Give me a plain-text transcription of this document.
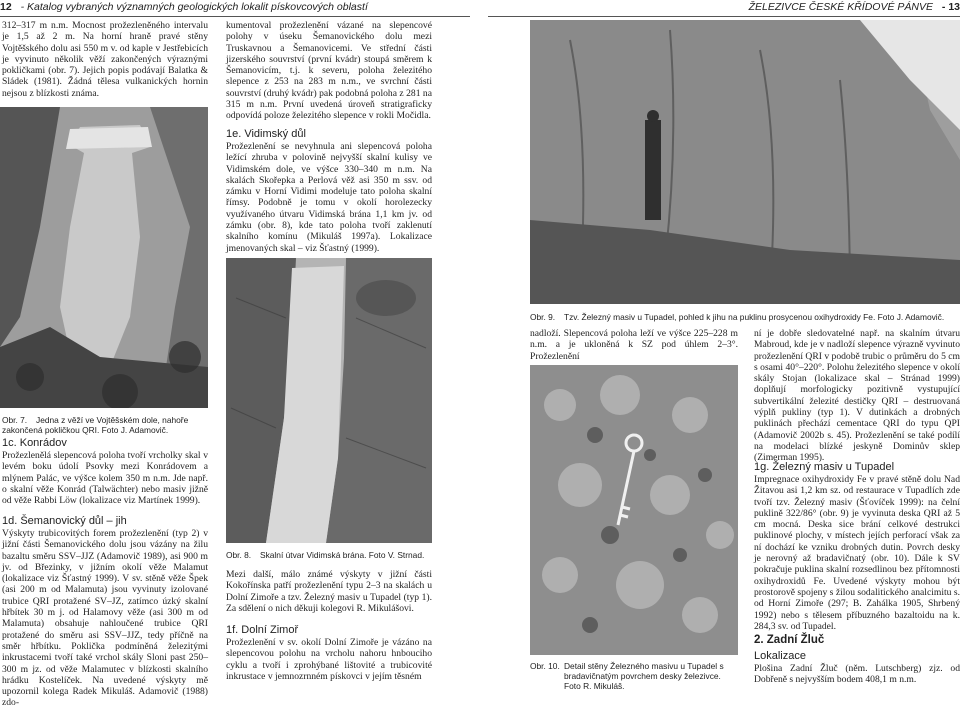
12 - Katalog vybraných významných geologických lokalit pískovcových oblastí	ŽELEZIVCE ČESKÉ KŘÍDOVÉ PÁNVE - 13

312–317 m n.m. Mocnost prožezleněného intervalu je 1,5 až 2 m. Na horní hraně pravé stěny Vojtěšského dolu asi 550 m v. od kaple v Jestřebicích je vyvinuto několik věží zakončených výraznými pokličkami (obr. 7). Jejich popis podávají Balatka & Sládek (1981). Žádná tělesa vulkanických hornin nejsou z blízkosti známa.

Obr. 7. Jedna z věží ve Vojtěšském dole, nahoře zakončená pokličkou QRI. Foto J. Adamovič.
1c. Konrádov

Prožezlenělá slepencová poloha tvoří vrcholky skal v levém boku údolí Psovky mezi Konrádovem a mlýnem Palác, ve výšce kolem 350 m n.m. Jde např. o skalní věže Konrád (Talwächter) nebo masiv jižně od věže Rabbi Löw (lokalizace viz Martínek 1999).

1d. Šemanovický důl – jih

Výskyty trubicovitých forem prožezlenění (typ 2) v jižní části Šemanovického dolu jsou vázány na žilu bazaltu směru SSV–JJZ (Adamovič 1989), asi 900 m jv. od Březinky, v jižním okolí věže Malamut (lokalizace viz Šťastný 1999). V sv. stěně věže Špek (asi 200 m od Malamuta) jsou vyvinuty izolované trubice QRI protažené SV–JZ, zatímco úzký skalní hřbítek 30 m j. od Halamovy věže (asi 300 m od Malamuta) obsahuje nahloučené trubice QRI protažené do směru asi SSV–JJZ, tedy příčně na směr hřbítku. Poklička podmíněná železitými inkrustacemi tvoří také vrchol skály Sloni past 250–300 m jz. od věže Malamutec v blízkosti skalního hrádku Kostelíček. Na uvedené výskyty mě upozornil kolega Radek Mikuláš. Adamovič (1988) zdo-

kumentoval prožezlenění vázané na slepencové polohy v úseku Šemanovického dolu mezi Truskavnou a Šemanovicemi. Ve střední části jizerského souvrství (první kvádr) stoupá směrem k Šemanovicím, t.j. k severu, poloha železitého slepence z 253 na 283 m n.m., ve svrchní části souvrství (druhý kvádr) pak podobná poloha z 281 na 315 m n.m. První uvedená úroveň stratigraficky odpovídá poloze železitého slepence v rokli Močidla.

1e. Vidimský důl

Prožezlenění se nevyhnula ani slepencová poloha ležící zhruba v polovině nejvyšší skalní kulisy ve Vidimském dole, ve výšce 330–340 m n.m. Na skalách Skořepka a Perlová věž asi 350 m ssv. od zámku v Horní Vidimi modeluje tato poloha skalní římsy. Podobně je tomu v okolí horolezecky využívaného útvaru Vidimská brána 1,1 km jv. od zámku (obr. 8), kde tato poloha tvoří zaklenutí skalního komínu (Mikuláš 1997a). Lokalizace jmenovaných skal – viz Šťastný (1999).

Obr. 8. Skalní útvar Vidimská brána. Foto V. Strnad.

Mezi další, málo známé výskyty v jižní části Kokořínska patří prožezlenění typu 2–3 na skalách u Dolní Zimoře a tzv. Železný masiv u Tupadel (typ 1). Za sdělení o nich děkuji kolegovi R. Mikulášovi.

1f. Dolní Zimoř

Prožezlenění v sv. okolí Dolní Zimoře je vázáno na slepencovou polohu na vrcholu nahoru hnbouciho cyklu a tvoří i zprohýbané lištovité a trubicovité inkrustace v jemnozrnném pískovci v jejím těsném

Obr. 9. Tzv. Železný masiv u Tupadel, pohled k jihu na puklinu prosycenou oxihydroxidy Fe. Foto J. Adamovič.

nadloží. Slepencová poloha leží ve výšce 225–228 m n.m. a je ukloněná k SZ pod úhlem 2–3°. Prožezlenění

Obr. 10. Detail stěny Železného masivu u Tupadel s bradavičnatým povrchem desky železivce. Foto R. Mikuláš.

ní je dobře sledovatelné např. na skalním útvaru Mabroud, kde je v nadloží slepence výrazně vyvinuto prožezlenění QRI v podobě trubic o průměru do 5 cm s osami 40°–220°. Polohu železitého slepence v okolí skály Stojan (lokalizace skal – Stránad 1999) doplňují morfologicky pozitivně vystupující subvertikální železité destičky QRI – destruovaná výplň pukliny (typ 1). V dutinkách a drobných puklinách přechází cementace QRI do typu QPI (Adamovič 2002b s. 45). Prožezlenění se také podílí na modelaci blízké jeskyně Dominův sklep (Zimerman 1995).

1g. Železný masiv u Tupadel

Impregnace oxihydroxidy Fe v pravé stěně dolu Nad Žitavou asi 1,2 km sz. od restaurace v Tupadlích zde tvoří tzv. Železný masiv (Šťovíček 1999): na čelní puklině 322/86° (obr. 9) je vyvinuta deska QRI až 5 cm mocná. Deska sice brání celkové destrukci puklinové plochy, v místech jejích perforací však za ní dochází ke vzniku drobných dutin. Povrch desky je nerovný až bradavičnatý (obr. 10). Dále k SV pokračuje puklina skalní rozsedlinou bez přítomnosti oxihydroxidů Fe. Uvedené výskyty mohou být prostorově spojeny s žilou sodalitického analcimitu s. od Horní Zimoře (297; B. Zahálka 1905, Shrbený 1992) nebo s tělesem příbuzného bazaltoidu na k. 284,3 sv. od Tupadel.

2. Zadní Žluč
Lokalizace

Plošina Zadní Žluč (něm. Lutschberg) zjz. od Dobřeně s nejvyšším bodem 408,1 m n.m.
